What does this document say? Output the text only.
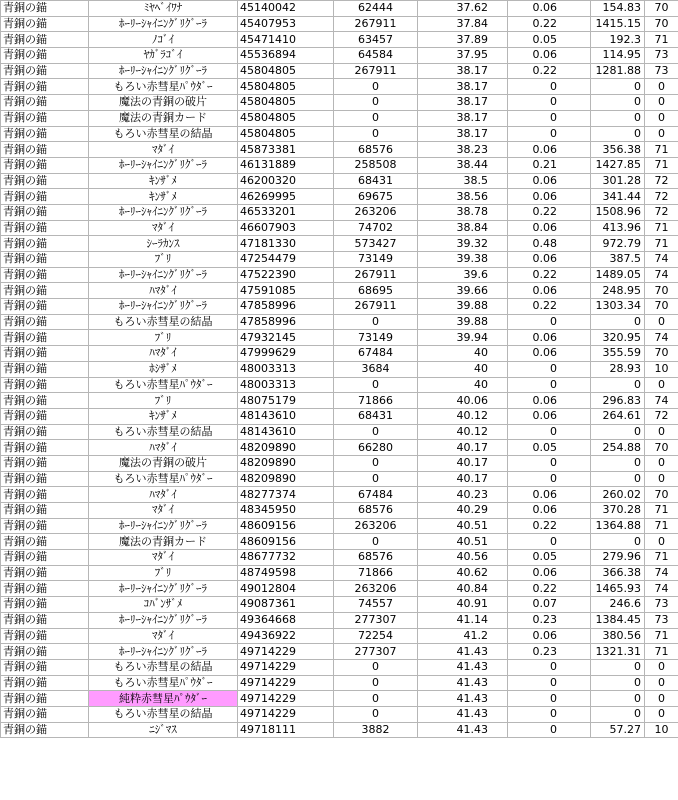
青銅の錨	ﾐﾔﾍﾞｲﾜﾅ	45140042	62444	37.62	0.06	154.83	70
青銅の錨	ﾎｰﾘｰｼｬｲﾆﾝｸﾞﾘｸﾞｰﾗ	45407953	267911	37.84	0.22	1415.15	70
青銅の錨	ﾉｺﾞｲ	45471410	63457	37.89	0.05	192.3	71
青銅の錨	ﾔｶﾞﾗｺﾞｲ	45536894	64584	37.95	0.06	114.95	73
青銅の錨	ﾎｰﾘｰｼｬｲﾆﾝｸﾞﾘｸﾞｰﾗ	45804805	267911	38.17	0.22	1281.88	73
青銅の錨	もろい赤彗星ﾊﾟｳﾀﾞｰ	45804805	0	38.17	0	0	0
青銅の錨	魔法の青銅の破片	45804805	0	38.17	0	0	0
青銅の錨	魔法の青銅カード	45804805	0	38.17	0	0	0
青銅の錨	もろい赤彗星の結晶	45804805	0	38.17	0	0	0
青銅の錨	ﾏﾀﾞｲ	45873381	68576	38.23	0.06	356.38	71
青銅の錨	ﾎｰﾘｰｼｬｲﾆﾝｸﾞﾘｸﾞｰﾗ	46131889	258508	38.44	0.21	1427.85	71
青銅の錨	ｷﾝｻﾞﾒ	46200320	68431	38.5	0.06	301.28	72
青銅の錨	ｷﾝｻﾞﾒ	46269995	69675	38.56	0.06	341.44	72
青銅の錨	ﾎｰﾘｰｼｬｲﾆﾝｸﾞﾘｸﾞｰﾗ	46533201	263206	38.78	0.22	1508.96	72
青銅の錨	ﾏﾀﾞｲ	46607903	74702	38.84	0.06	413.96	71
青銅の錨	ｼｰﾗｶﾝｽ	47181330	573427	39.32	0.48	972.79	71
青銅の錨	ﾌﾞﾘ	47254479	73149	39.38	0.06	387.5	74
青銅の錨	ﾎｰﾘｰｼｬｲﾆﾝｸﾞﾘｸﾞｰﾗ	47522390	267911	39.6	0.22	1489.05	74
青銅の錨	ﾊﾏﾀﾞｲ	47591085	68695	39.66	0.06	248.95	70
青銅の錨	ﾎｰﾘｰｼｬｲﾆﾝｸﾞﾘｸﾞｰﾗ	47858996	267911	39.88	0.22	1303.34	70
青銅の錨	もろい赤彗星の結晶	47858996	0	39.88	0	0	0
青銅の錨	ﾌﾞﾘ	47932145	73149	39.94	0.06	320.95	74
青銅の錨	ﾊﾏﾀﾞｲ	47999629	67484	40	0.06	355.59	70
青銅の錨	ﾎｼｻﾞﾒ	48003313	3684	40	0	28.93	10
青銅の錨	もろい赤彗星ﾊﾟｳﾀﾞｰ	48003313	0	40	0	0	0
青銅の錨	ﾌﾞﾘ	48075179	71866	40.06	0.06	296.83	74
青銅の錨	ｷﾝｻﾞﾒ	48143610	68431	40.12	0.06	264.61	72
青銅の錨	もろい赤彗星の結晶	48143610	0	40.12	0	0	0
青銅の錨	ﾊﾏﾀﾞｲ	48209890	66280	40.17	0.05	254.88	70
青銅の錨	魔法の青銅の破片	48209890	0	40.17	0	0	0
青銅の錨	もろい赤彗星ﾊﾟｳﾀﾞｰ	48209890	0	40.17	0	0	0
青銅の錨	ﾊﾏﾀﾞｲ	48277374	67484	40.23	0.06	260.02	70
青銅の錨	ﾏﾀﾞｲ	48345950	68576	40.29	0.06	370.28	71
青銅の錨	ﾎｰﾘｰｼｬｲﾆﾝｸﾞﾘｸﾞｰﾗ	48609156	263206	40.51	0.22	1364.88	71
青銅の錨	魔法の青銅カード	48609156	0	40.51	0	0	0
青銅の錨	ﾏﾀﾞｲ	48677732	68576	40.56	0.05	279.96	71
青銅の錨	ﾌﾞﾘ	48749598	71866	40.62	0.06	366.38	74
青銅の錨	ﾎｰﾘｰｼｬｲﾆﾝｸﾞﾘｸﾞｰﾗ	49012804	263206	40.84	0.22	1465.93	74
青銅の錨	ｺﾊﾞﾝｻﾞﾒ	49087361	74557	40.91	0.07	246.6	73
青銅の錨	ﾎｰﾘｰｼｬｲﾆﾝｸﾞﾘｸﾞｰﾗ	49364668	277307	41.14	0.23	1384.45	73
青銅の錨	ﾏﾀﾞｲ	49436922	72254	41.2	0.06	380.56	71
青銅の錨	ﾎｰﾘｰｼｬｲﾆﾝｸﾞﾘｸﾞｰﾗ	49714229	277307	41.43	0.23	1321.31	71
青銅の錨	もろい赤彗星の結晶	49714229	0	41.43	0	0	0
青銅の錨	もろい赤彗星ﾊﾟｳﾀﾞｰ	49714229	0	41.43	0	0	0
青銅の錨	純粋赤彗星ﾊﾟｳﾀﾞｰ	49714229	0	41.43	0	0	0
青銅の錨	もろい赤彗星の結晶	49714229	0	41.43	0	0	0
青銅の錨	ﾆｼﾞﾏｽ	49718111	3882	41.43	0	57.27	10
